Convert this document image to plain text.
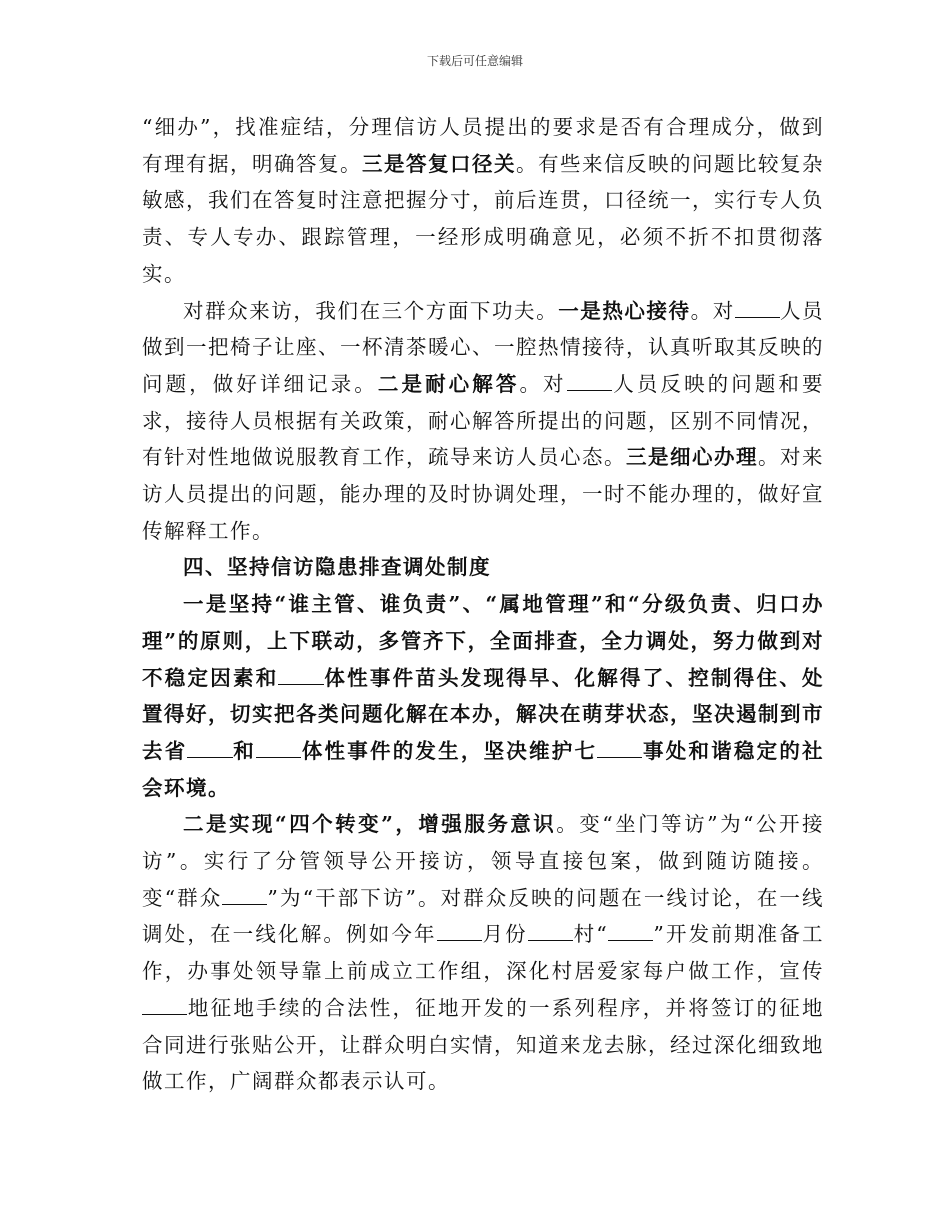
下载后可任意编辑

“细办”，找准症结，分理信访人员提出的要求是否有合理成分，做到有理有据，明确答复。三是答复口径关。有些来信反映的问题比较复杂敏感，我们在答复时注意把握分寸，前后连贯，口径统一，实行专人负责、专人专办、跟踪管理，一经形成明确意见，必须不折不扣贯彻落实。

对群众来访，我们在三个方面下功夫。一是热心接待。对 人员做到一把椅子让座、一杯清茶暖心、一腔热情接待，认真听取其反映的问题，做好详细记录。二是耐心解答。对 人员反映的问题和要求，接待人员根据有关政策，耐心解答所提出的问题，区别不同情况，有针对性地做说服教育工作，疏导来访人员心态。三是细心办理。对来访人员提出的问题，能办理的及时协调处理，一时不能办理的，做好宣传解释工作。

四、坚持信访隐患排查调处制度

一是坚持“谁主管、谁负责”、“属地管理”和“分级负责、归口办理”的原则，上下联动，多管齐下，全面排查，全力调处，努力做到对不稳定因素和 体性事件苗头发现得早、化解得了、控制得住、处置得好，切实把各类问题化解在本办，解决在萌芽状态，坚决遏制到市去省 和 体性事件的发生，坚决维护七 事处和谐稳定的社会环境。

二是实现“四个转变”，增强服务意识。变“坐门等访”为“公开接访”。实行了分管领导公开接访，领导直接包案，做到随访随接。变“群众 ”为“干部下访”。对群众反映的问题在一线讨论，在一线调处，在一线化解。例如今年 月份 村“ ”开发前期准备工作，办事处领导靠上前成立工作组，深化村居爱家每户做工作，宣传地征地手续的合法性，征地开发的一系列程序，并将签订的征地合同进行张贴公开，让群众明白实情，知道来龙去脉，经过深化细致地做工作，广阔群众都表示认可。
